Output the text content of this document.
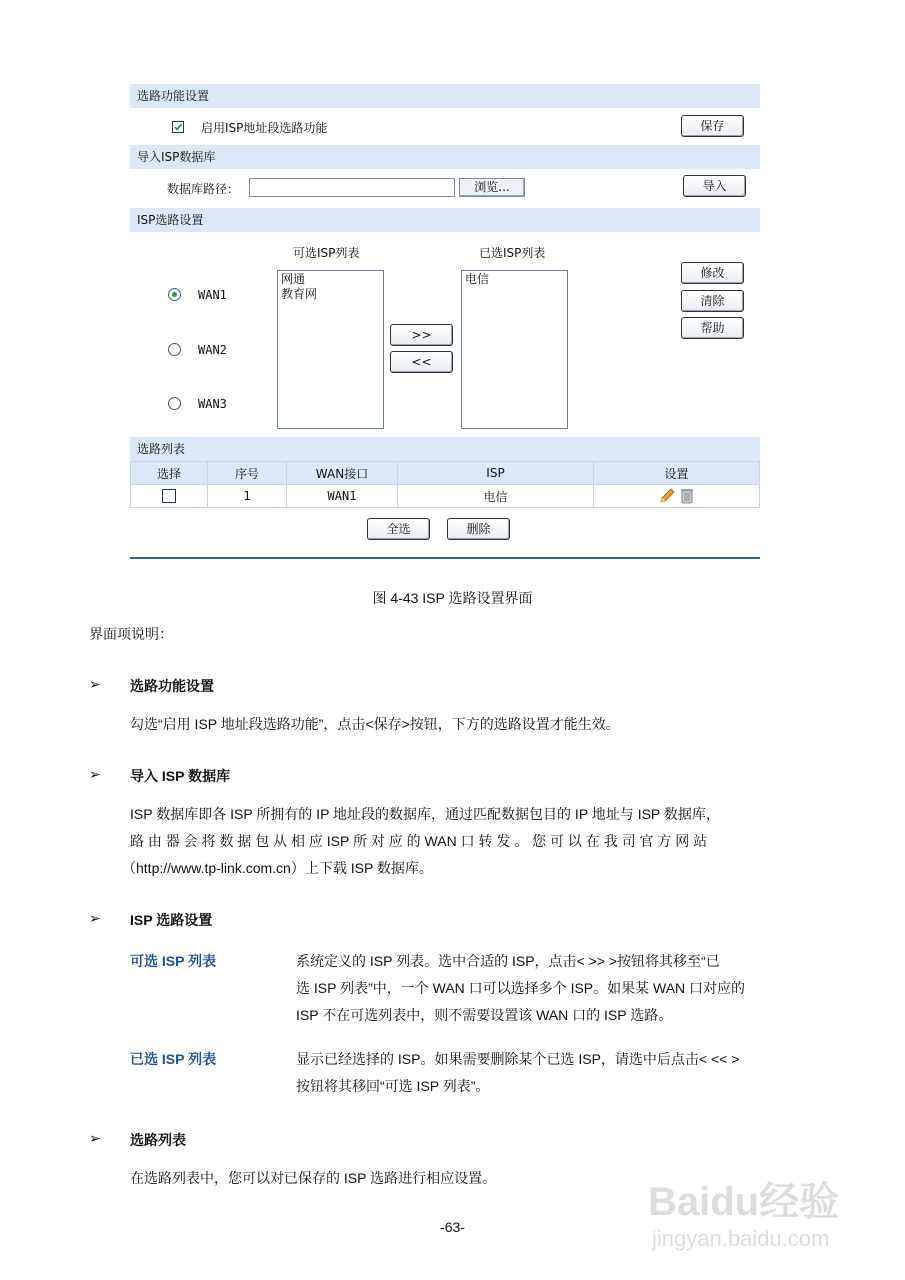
选路功能设置
启用ISP地址段选路功能	保存
导入ISP数据库
数据库路径：	浏览...	导入
ISP选路设置
可选ISP列表	已选ISP列表
网通
教育网
电信
>>
<<
WAN1
WAN2
WAN3
修改
清除
帮助
选路列表
选择	序号	WAN接口	ISP	设置
	1	WAN1	电信	
全选	删除
图 4-43 ISP 选路设置界面
界面项说明：
➢ 选路功能设置
勾选“启用 ISP 地址段选路功能”，点击<保存>按钮，下方的选路设置才能生效。
➢ 导入 ISP 数据库
ISP 数据库即各 ISP 所拥有的 IP 地址段的数据库，通过匹配数据包目的 IP 地址与 ISP 数据库，
路 由 器 会 将 数 据 包 从 相 应 ISP 所 对 应 的 WAN 口 转 发 。 您 可 以 在 我 司 官 方 网 站
（http://www.tp-link.com.cn）上下载 ISP 数据库。
➢ ISP 选路设置
可选 ISP 列表	系统定义的 ISP 列表。选中合适的 ISP，点击< >> >按钮将其移至“已
选 ISP 列表”中，一个 WAN 口可以选择多个 ISP。如果某 WAN 口对应的
ISP 不在可选列表中，则不需要设置该 WAN 口的 ISP 选路。
已选 ISP 列表	显示已经选择的 ISP。如果需要删除某个已选 ISP，请选中后点击< << >
按钮将其移回“可选 ISP 列表”。
➢ 选路列表
在选路列表中，您可以对已保存的 ISP 选路进行相应设置。
-63-
Baidu经验
jingyan.baidu.com
